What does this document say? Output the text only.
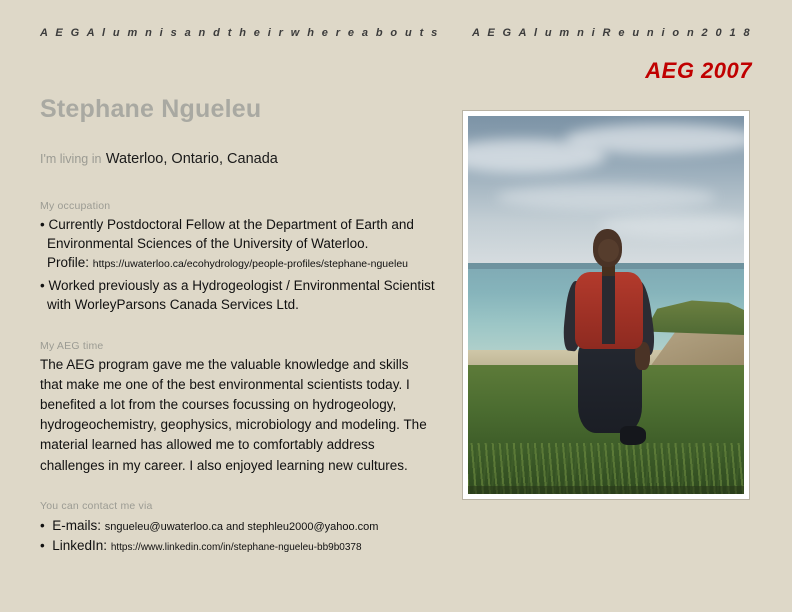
A E G A l u m n i s a n d t h e i r w h e r e a b o u t s	A E G A l u m n i R e u n i o n 2 0 1 8
AEG 2007
Stephane Ngueleu
I'm living in Waterloo, Ontario, Canada
My occupation
• Currently Postdoctoral Fellow at the Department of Earth and Environmental Sciences of the University of Waterloo.
Profile: https://uwaterloo.ca/ecohydrology/people-profiles/stephane-ngueleu
• Worked previously as a Hydrogeologist / Environmental Scientist with WorleyParsons Canada Services Ltd.
My AEG time
The AEG program gave me the valuable knowledge and skills that make me one of the best environmental scientists today. I benefited a lot from the courses focussing on hydrogeology, hydrogeochemistry, geophysics, microbiology and modeling. The material learned has allowed me to comfortably address challenges in my career. I also enjoyed learning new cultures.
You can contact me via
• E-mails: sngueleu@uwaterloo.ca and stephleu2000@yahoo.com
• LinkedIn: https://www.linkedin.com/in/stephane-ngueleu-bb9b0378
